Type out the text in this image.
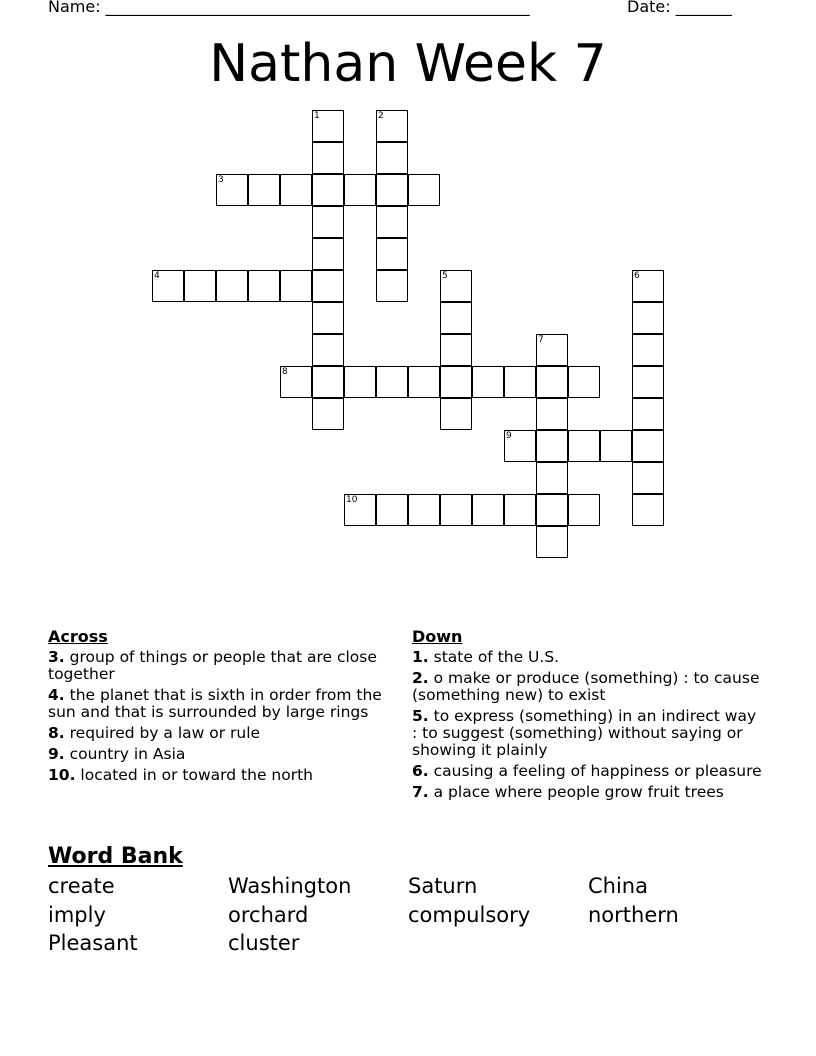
Name: _____________________________________________________	Date: _______
Nathan Week 7
1	2
3
4	5	6
7
8
9
10
Across
3. group of things or people that are close together
4. the planet that is sixth in order from the sun and that is surrounded by large rings
8. required by a law or rule
9. country in Asia
10. located in or toward the north
Down
1. state of the U.S.
2. o make or produce (something) : to cause (something new) to exist
5. to express (something) in an indirect way : to suggest (something) without saying or showing it plainly
6. causing a feeling of happiness or pleasure
7. a place where people grow fruit trees
Word Bank
create	Washington	Saturn	China
imply	orchard	compulsory	northern
Pleasant	cluster
